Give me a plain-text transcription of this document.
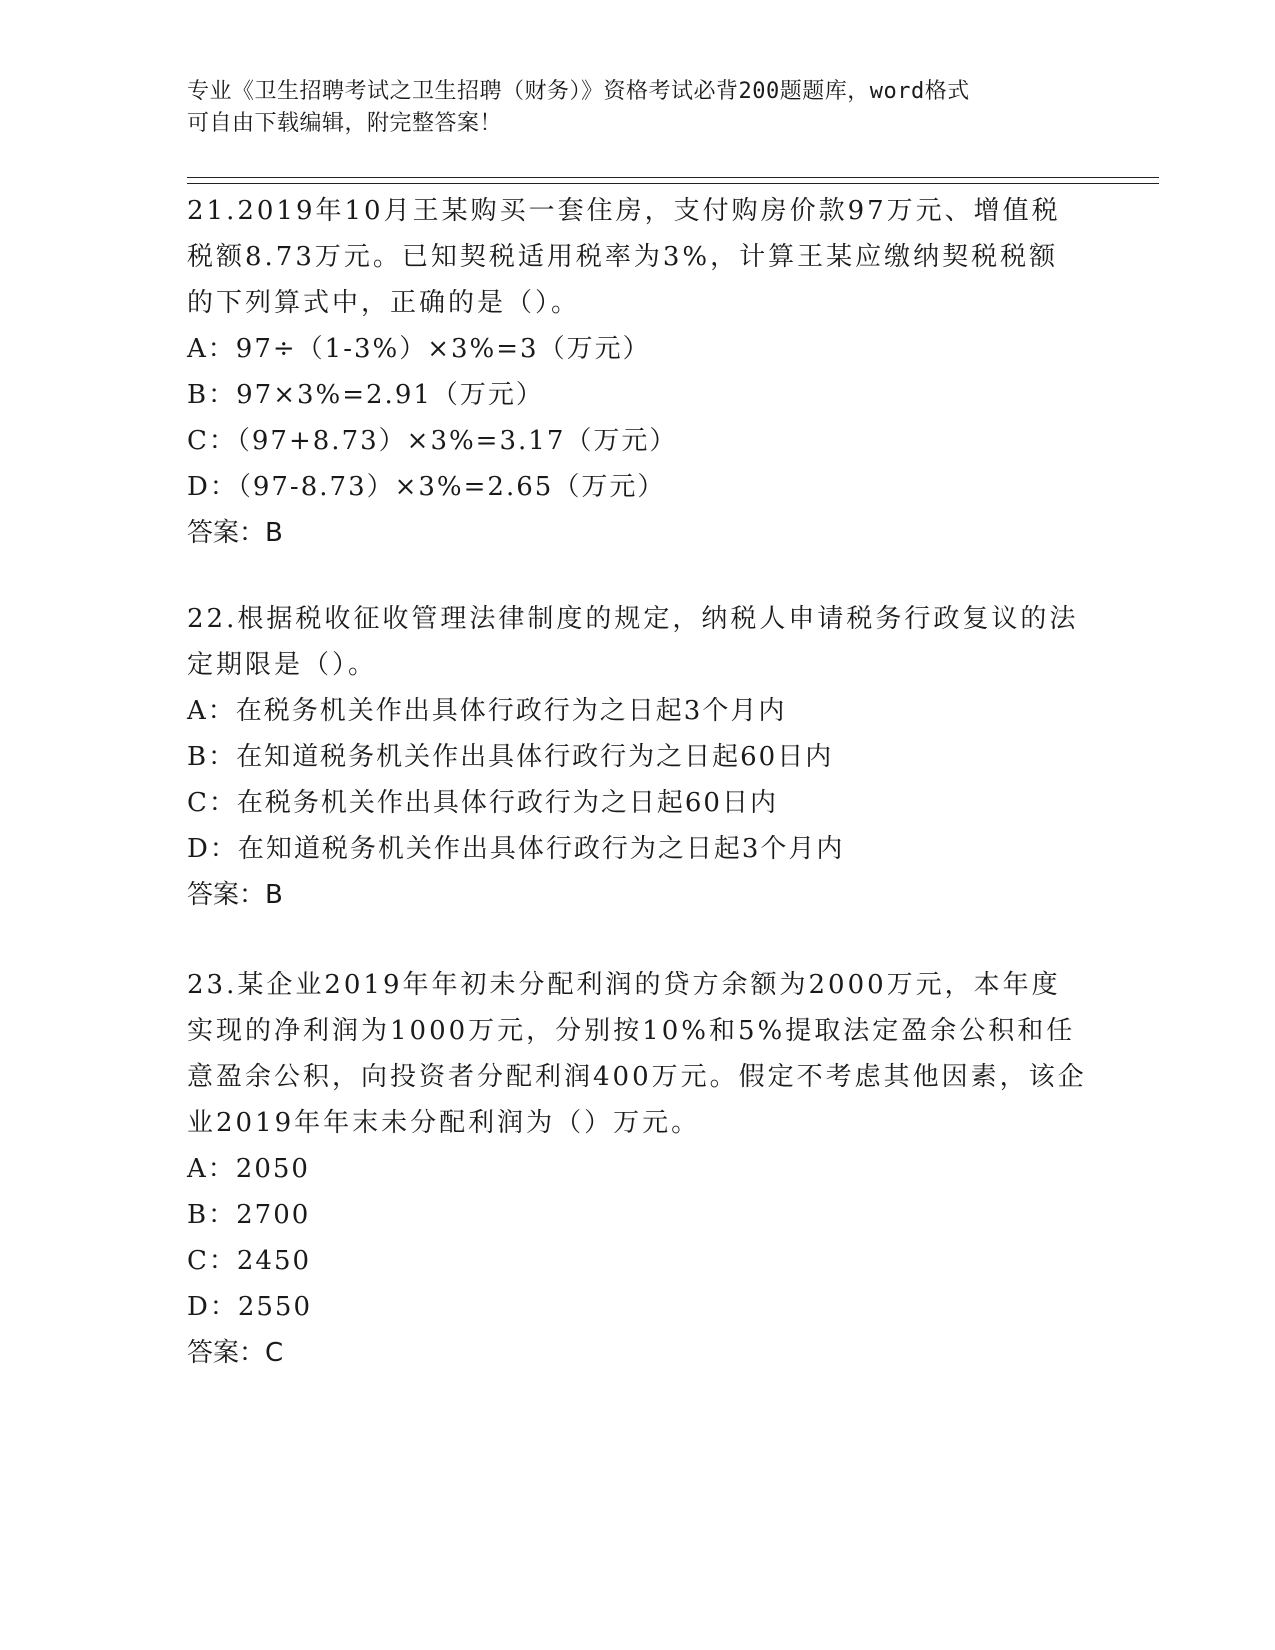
专业《卫生招聘考试之卫生招聘（财务）》资格考试必背200题题库，word格式
可自由下载编辑，附完整答案！

21.2019年10月王某购买一套住房，支付购房价款97万元、增值税税额8.73万元。已知契税适用税率为3%，计算王某应缴纳契税税额的下列算式中，正确的是（）。

A：97÷（1-3%）×3%=3（万元）
B：97×3%=2.91（万元）
C：（97+8.73）×3%=3.17（万元）
D：（97-8.73）×3%=2.65（万元）
答案：B

22.根据税收征收管理法律制度的规定，纳税人申请税务行政复议的法定期限是（）。

A：在税务机关作出具体行政行为之日起3个月内
B：在知道税务机关作出具体行政行为之日起60日内
C：在税务机关作出具体行政行为之日起60日内
D：在知道税务机关作出具体行政行为之日起3个月内
答案：B

23.某企业2019年年初未分配利润的贷方余额为2000万元，本年度实现的净利润为1000万元，分别按10%和5%提取法定盈余公积和任意盈余公积，向投资者分配利润400万元。假定不考虑其他因素，该企业2019年年末未分配利润为（）万元。

A：2050
B：2700
C：2450
D：2550
答案：C
